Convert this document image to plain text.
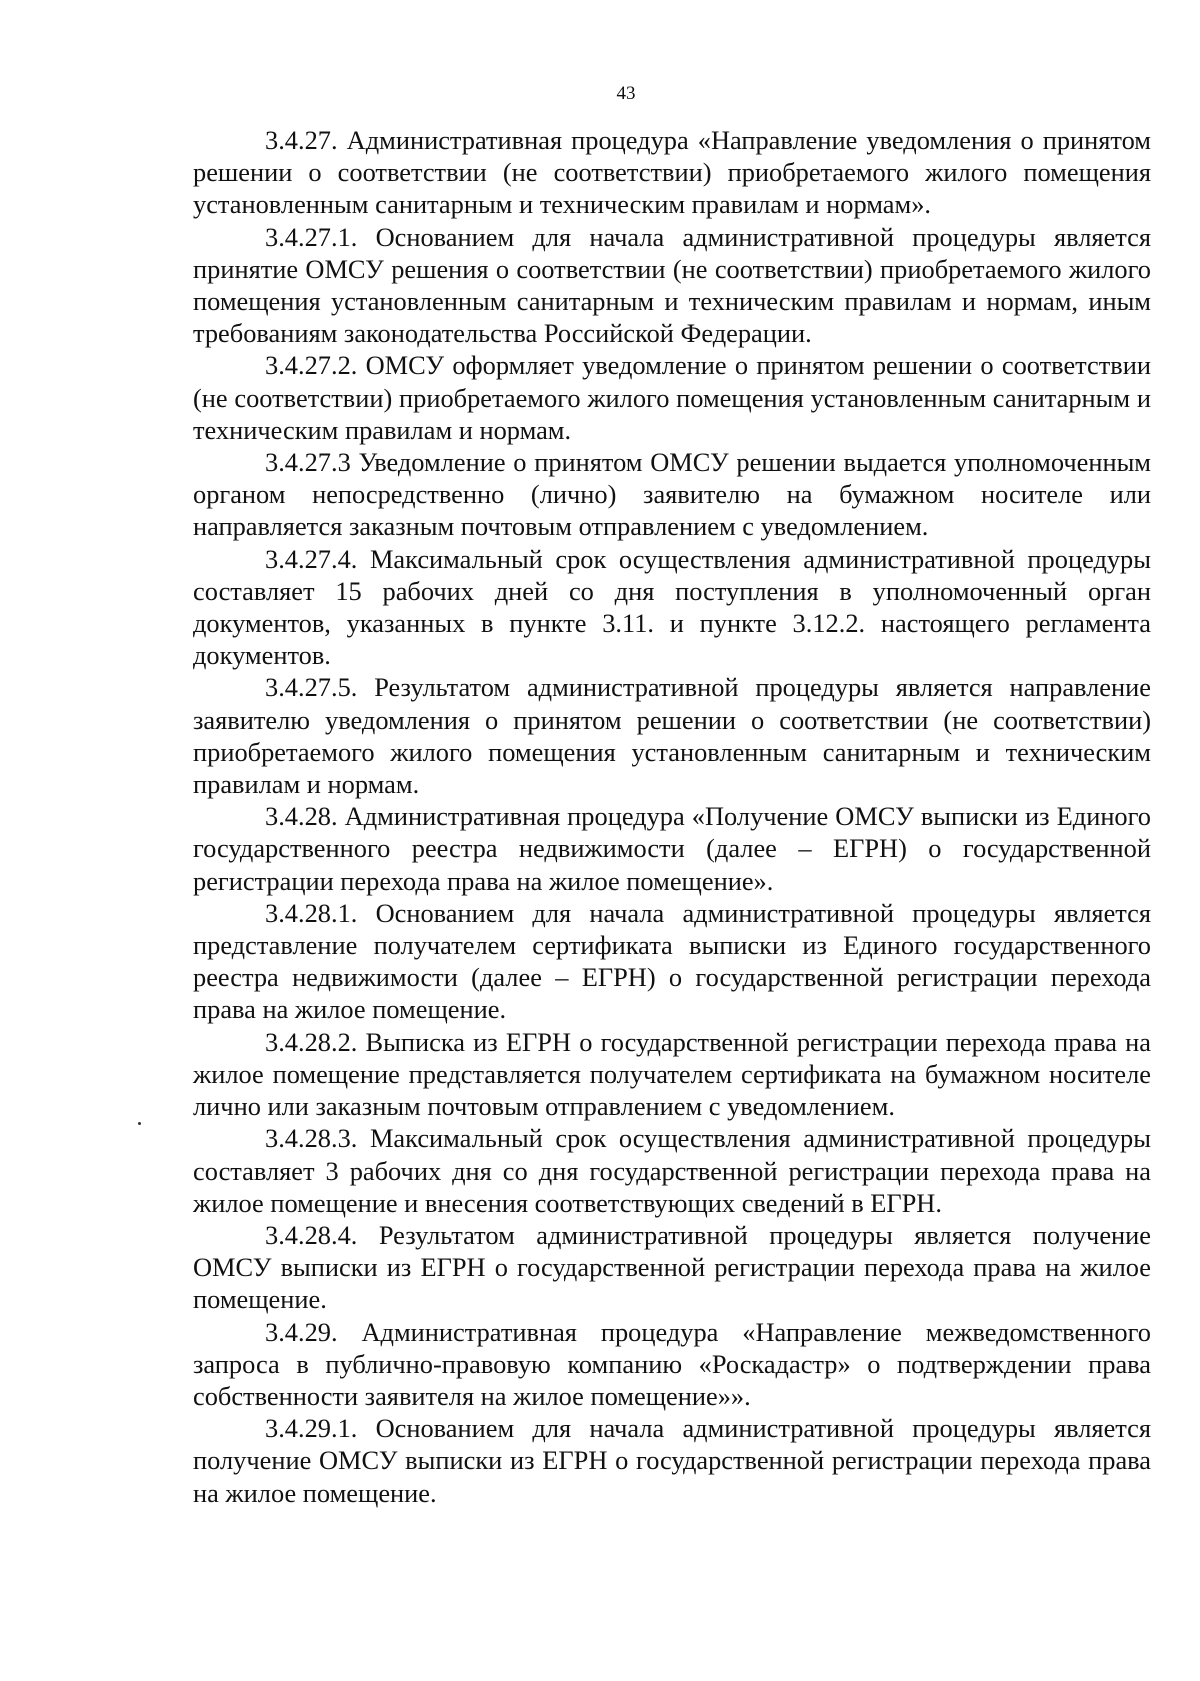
43

3.4.27. Административная процедура «Направление уведомления о принятом решении о соответствии (не соответствии) приобретаемого жилого помещения установленным санитарным и техническим правилам и нормам».

3.4.27.1. Основанием для начала административной процедуры является принятие ОМСУ решения о соответствии (не соответствии) приобретаемого жилого помещения установленным санитарным и техническим правилам и нормам, иным требованиям законодательства Российской Федерации.

3.4.27.2. ОМСУ оформляет уведомление о принятом решении о соответствии (не соответствии) приобретаемого жилого помещения установленным санитарным и техническим правилам и нормам.

3.4.27.3 Уведомление о принятом ОМСУ решении выдается уполномоченным органом непосредственно (лично) заявителю на бумажном носителе или направляется заказным почтовым отправлением с уведомлением.

3.4.27.4. Максимальный срок осуществления административной процедуры составляет 15 рабочих дней со дня поступления в уполномоченный орган документов, указанных в пункте 3.11. и пункте 3.12.2. настоящего регламента документов.

3.4.27.5. Результатом административной процедуры является направление заявителю уведомления о принятом решении о соответствии (не соответствии) приобретаемого жилого помещения установленным санитарным и техническим правилам и нормам.

3.4.28. Административная процедура «Получение ОМСУ выписки из Единого государственного реестра недвижимости (далее – ЕГРН) о государственной регистрации перехода права на жилое помещение».

3.4.28.1. Основанием для начала административной процедуры является представление получателем сертификата выписки из Единого государственного реестра недвижимости (далее – ЕГРН) о государственной регистрации перехода права на жилое помещение.

3.4.28.2. Выписка из ЕГРН о государственной регистрации перехода права на жилое помещение представляется получателем сертификата на бумажном носителе лично или заказным почтовым отправлением с уведомлением.

3.4.28.3. Максимальный срок осуществления административной процедуры составляет 3 рабочих дня со дня государственной регистрации перехода права на жилое помещение и внесения соответствующих сведений в ЕГРН.

3.4.28.4. Результатом административной процедуры является получение ОМСУ выписки из ЕГРН о государственной регистрации перехода права на жилое помещение.

3.4.29. Административная процедура «Направление межведомственного запроса в публично-правовую компанию «Роскадастр» о подтверждении права собственности заявителя на жилое помещение»».

3.4.29.1. Основанием для начала административной процедуры является получение ОМСУ выписки из ЕГРН о государственной регистрации перехода права на жилое помещение.
